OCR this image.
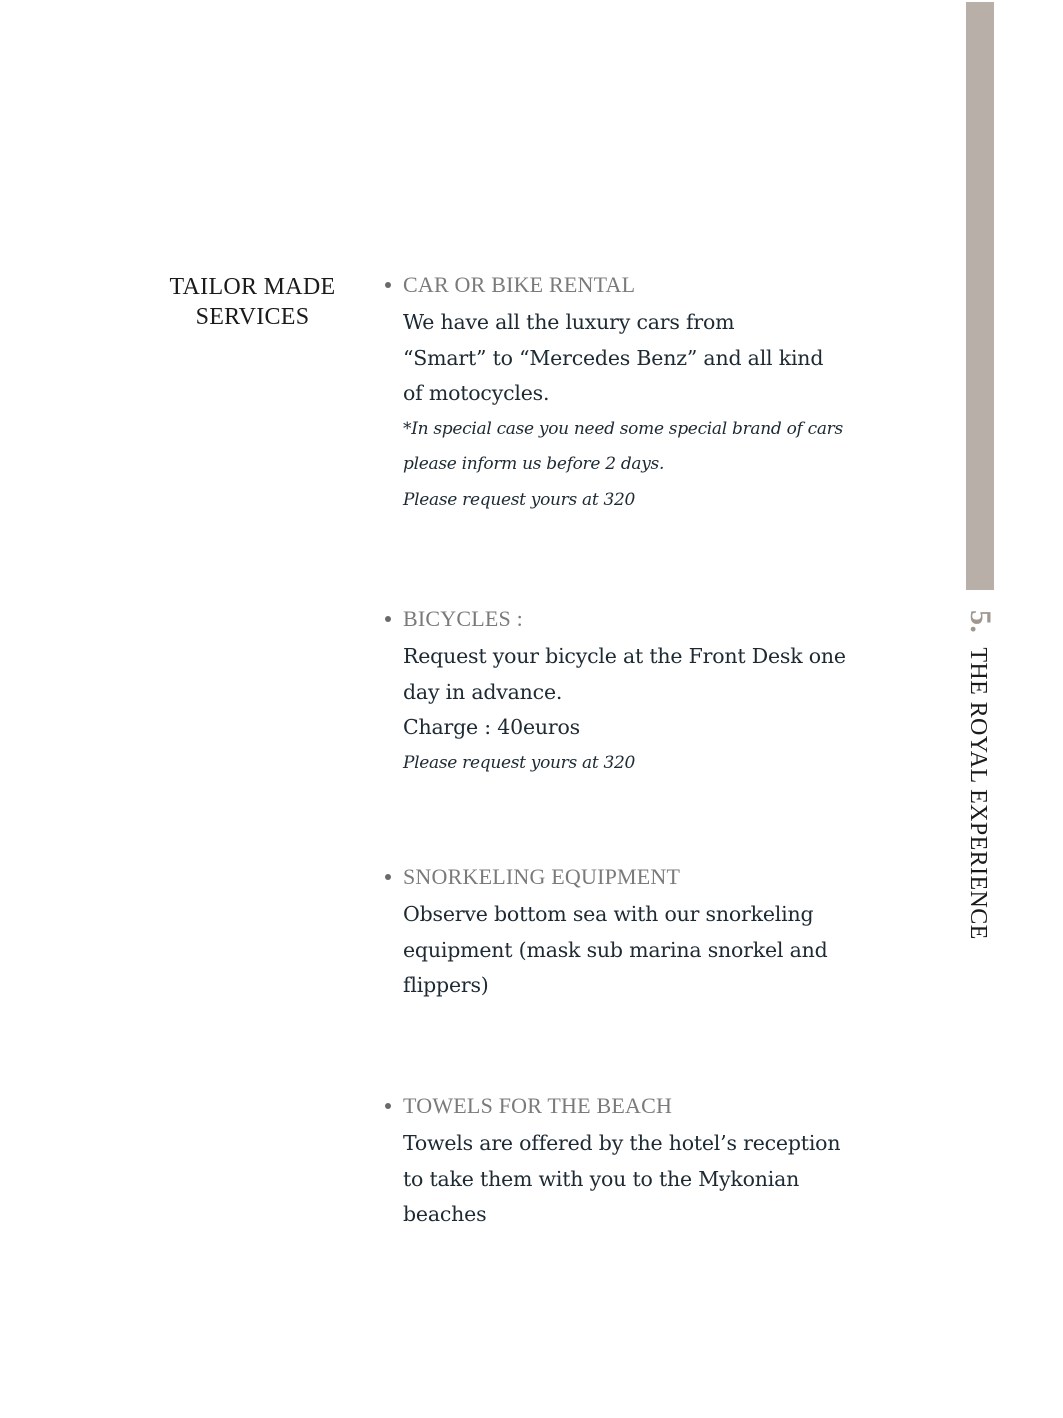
TAILOR MADE
SERVICES
CAR OR BIKE RENTAL

We have all the luxury cars from

“Smart” to “Mercedes Benz” and all kind

of motocycles.

*In special case you need some special brand of cars

please inform us before 2 days.

Please request yours at 320

BICYCLES :

Request your bicycle at the Front Desk one

day in advance.

Charge : 40euros

Please request yours at 320

SNORKELING EQUIPMENT

Observe bottom sea with our snorkeling

equipment (mask sub marina snorkel and

flippers)

TOWELS FOR THE BEACH

Towels are offered by the hotel’s reception

to take them with you to the Mykonian

beaches

5.THE ROYAL EXPERIENCE
